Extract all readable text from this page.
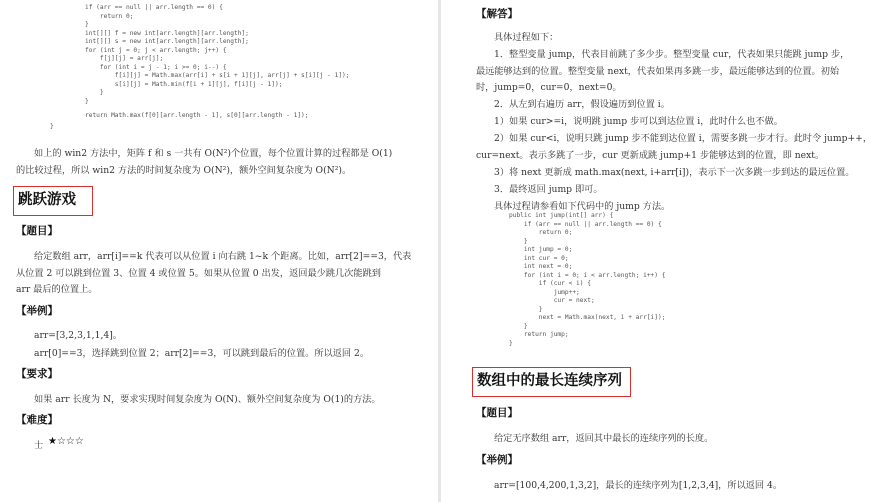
if (arr == null || arr.length == 0) {
return 0;
}
int[][] f = new int[arr.length][arr.length];
int[][] s = new int[arr.length][arr.length];
for (int j = 0; j < arr.length; j++) {
f[j][j] = arr[j];
for (int i = j - 1; i >= 0; i--) {
f[i][j] = Math.max(arr[i] + s[i + 1][j], arr[j] + s[i][j - 1]);
s[i][j] = Math.min(f[i + 1][j], f[i][j - 1]);
}
}
return Math.max(f[0][arr.length - 1], s[0][arr.length - 1]);
}
如上的 win2 方法中，矩阵 f 和 s 一共有 O(N²)个位置，每个位置计算的过程都是 O(1)
的比较过程，所以 win2 方法的时间复杂度为 O(N²)，额外空间复杂度为 O(N²)。
跳跃游戏
【题目】
给定数组 arr，arr[i]==k 代表可以从位置 i 向右跳 1~k 个距离。比如，arr[2]==3，代表
从位置 2 可以跳到位置 3、位置 4 或位置 5。如果从位置 0 出发，返回最少跳几次能跳到
arr 最后的位置上。
【举例】
arr=[3,2,3,1,1,4]。
arr[0]==3，选择跳到位置 2；arr[2]==3，可以跳到最后的位置。所以返回 2。
【要求】
如果 arr 长度为 N，要求实现时间复杂度为 O(N)、额外空间复杂度为 O(1)的方法。
【难度】
士 ★☆☆☆
【解答】
具体过程如下：
1．整型变量 jump，代表目前跳了多少步。整型变量 cur，代表如果只能跳 jump 步，
最远能够达到的位置。整型变量 next，代表如果再多跳一步，最远能够达到的位置。初始
时，jump=0，cur=0，next=0。
2．从左到右遍历 arr，假设遍历到位置 i。
1）如果 cur>=i，说明跳 jump 步可以到达位置 i，此时什么也不做。
2）如果 cur<i，说明只跳 jump 步不能到达位置 i，需要多跳一步才行。此时令 jump++，
cur=next。表示多跳了一步，cur 更新成跳 jump+1 步能够达到的位置，即 next。
3）将 next 更新成 math.max(next, i+arr[i])，表示下一次多跳一步到达的最远位置。
3．最终返回 jump 即可。
具体过程请参看如下代码中的 jump 方法。
public int jump(int[] arr) {
if (arr == null || arr.length == 0) {
return 0;
}
int jump = 0;
int cur = 0;
int next = 0;
for (int i = 0; i < arr.length; i++) {
if (cur < i) {
jump++;
cur = next;
}
next = Math.max(next, i + arr[i]);
}
return jump;
}
数组中的最长连续序列
【题目】
给定无序数组 arr，返回其中最长的连续序列的长度。
【举例】
arr=[100,4,200,1,3,2]，最长的连续序列为[1,2,3,4]，所以返回 4。
